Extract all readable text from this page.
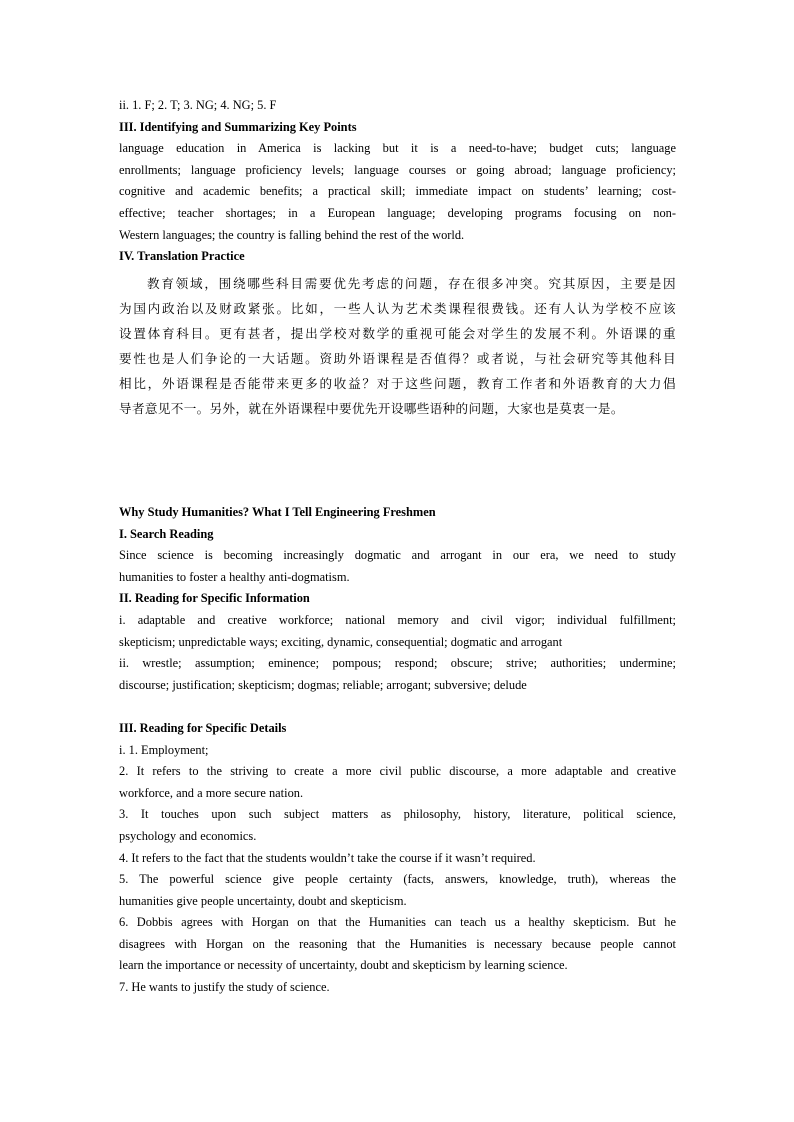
ii. 1. F; 2. T; 3. NG; 4. NG; 5. F

III. Identifying and Summarizing Key Points

language education in America is lacking but it is a need-to-have; budget cuts; language

enrollments; language proficiency levels; language courses or going abroad; language proficiency;

cognitive and academic benefits; a practical skill; immediate impact on students’ learning; cost-

effective; teacher shortages; in a European language; developing programs focusing on non-

Western languages; the country is falling behind the rest of the world.

IV. Translation Practice

教育领域，围绕哪些科目需要优先考虑的问题，存在很多冲突。究其原因，主要是因

为国内政治以及财政紧张。比如，一些人认为艺术类课程很费钱。还有人认为学校不应该

设置体育科目。更有甚者，提出学校对数学的重视可能会对学生的发展不利。外语课的重

要性也是人们争论的一大话题。资助外语课程是否值得？或者说，与社会研究等其他科目

相比，外语课程是否能带来更多的收益？对于这些问题，教育工作者和外语教育的大力倡

导者意见不一。另外，就在外语课程中要优先开设哪些语种的问题，大家也是莫衷一是。

Why Study Humanities? What I Tell Engineering Freshmen

I. Search Reading

Since science is becoming increasingly dogmatic and arrogant in our era, we need to study

humanities to foster a healthy anti-dogmatism.

II. Reading for Specific Information

i. adaptable and creative workforce; national memory and civil vigor; individual fulfillment;

skepticism; unpredictable ways; exciting, dynamic, consequential; dogmatic and arrogant

ii. wrestle; assumption; eminence; pompous; respond; obscure; strive; authorities; undermine;

discourse; justification; skepticism; dogmas; reliable; arrogant; subversive; delude

III. Reading for Specific Details

i. 1. Employment;

2. It refers to the striving to create a more civil public discourse, a more adaptable and creative

workforce, and a more secure nation.

3. It touches upon such subject matters as philosophy, history, literature, political science,

psychology and economics.

4. It refers to the fact that the students wouldn’t take the course if it wasn’t required.

5. The powerful science give people certainty (facts, answers, knowledge, truth), whereas the

humanities give people uncertainty, doubt and skepticism.

6. Dobbis agrees with Horgan on that the Humanities can teach us a healthy skepticism. But he

disagrees with Horgan on the reasoning that the Humanities is necessary because people cannot

learn the importance or necessity of uncertainty, doubt and skepticism by learning science.

7. He wants to justify the study of science.
